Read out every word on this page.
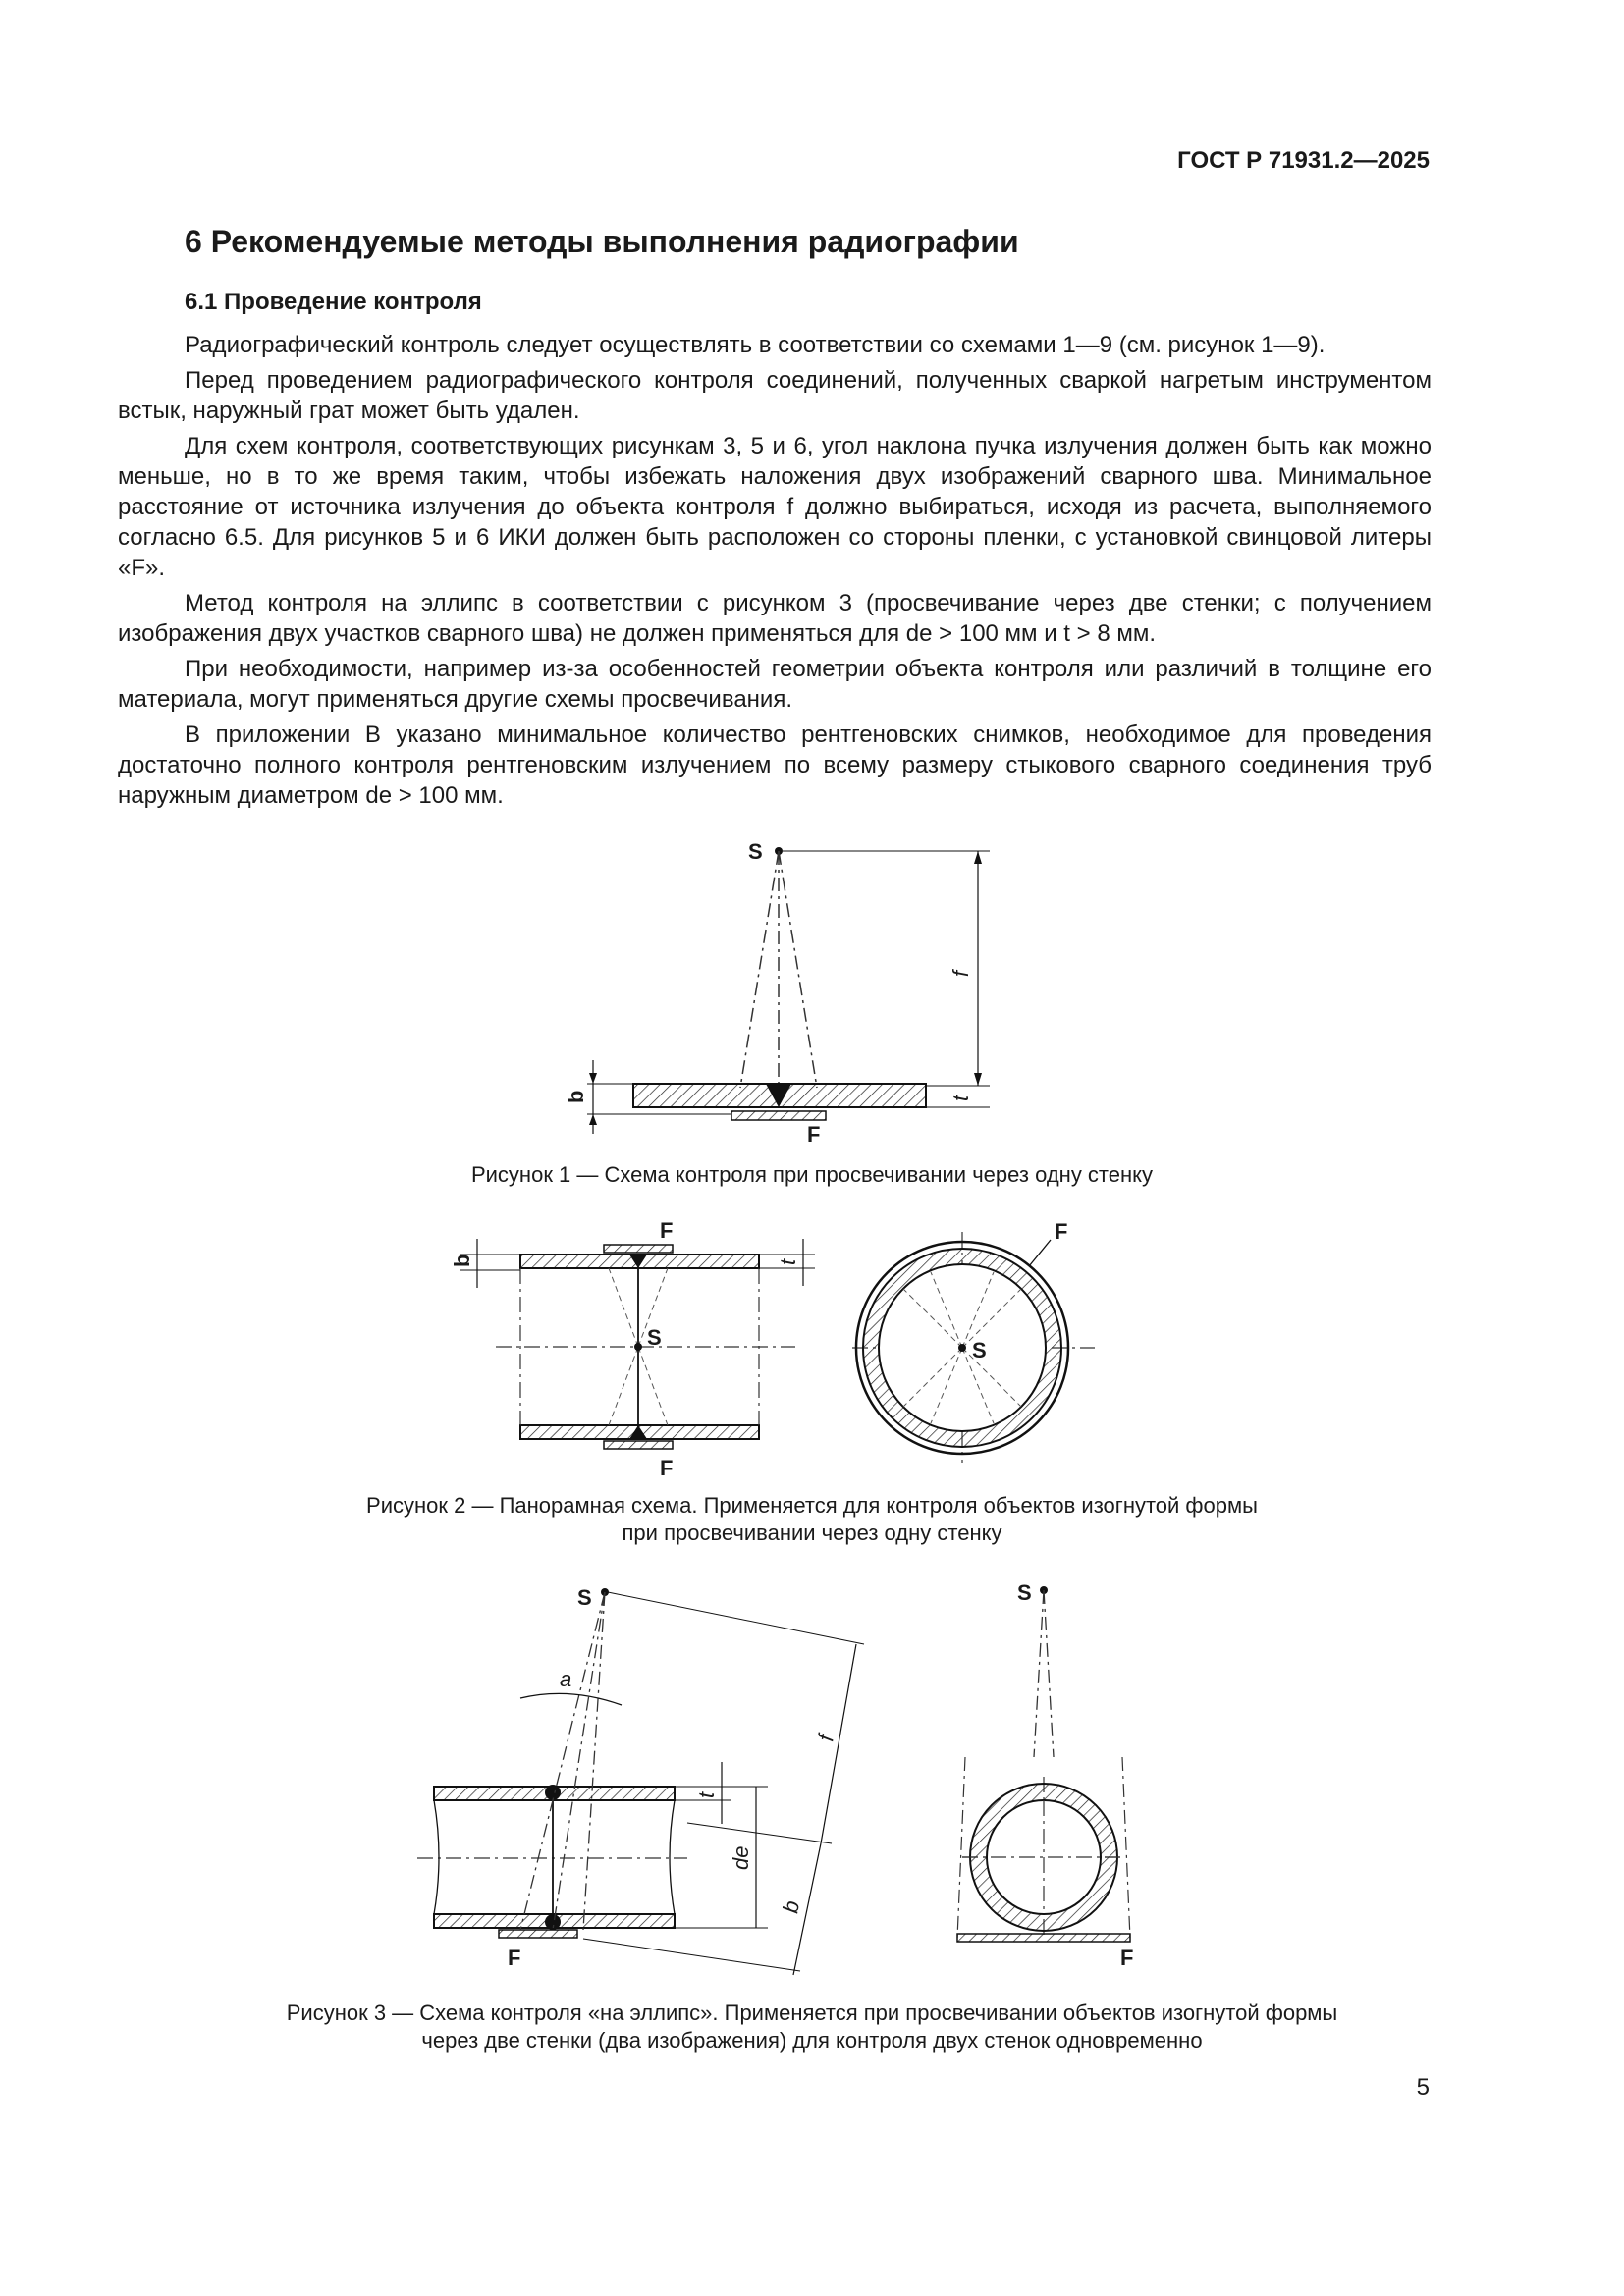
ГОСТ Р 71931.2—2025
6 Рекомендуемые методы выполнения радиографии
6.1 Проведение контроля

Радиографический контроль следует осуществлять в соответствии со схемами 1—9 (см. рисунок 1—9).

Перед проведением радиографического контроля соединений, полученных сваркой нагретым инструментом встык, наружный грат может быть удален.

Для схем контроля, соответствующих рисункам 3, 5 и 6, угол наклона пучка излучения должен быть как можно меньше, но в то же время таким, чтобы избежать наложения двух изображений сварного шва. Минимальное расстояние от источника излучения до объекта контроля f должно выбираться, исходя из расчета, выполняемого согласно 6.5. Для рисунков 5 и 6 ИКИ должен быть расположен со стороны пленки, с установкой свинцовой литеры «F».

Метод контроля на эллипс в соответствии с рисунком 3 (просвечивание через две стенки; с получением изображения двух участков сварного шва) не должен применяться для de > 100 мм и t > 8 мм.

При необходимости, например из-за особенностей геометрии объекта контроля или различий в толщине его материала, могут применяться другие схемы просвечивания.

В приложении В указано минимальное количество рентгеновских снимков, необходимое для проведения достаточно полного контроля рентгеновским излучением по всему размеру стыкового сварного соединения труб наружным диаметром de > 100 мм.

S
F
f
t
b
Рисунок 1 — Схема контроля при просвечивании через одну стенку
S
F
F
b	t
S
F
Рисунок 2 — Панорамная схема. Применяется для контроля объектов изогнутой формы
при просвечивании через одну стенку
S
a
f
b
t
de
F
S
F
Рисунок 3 — Схема контроля «на эллипс». Применяется при просвечивании объектов изогнутой формы
через две стенки (два изображения) для контроля двух стенок одновременно
5
